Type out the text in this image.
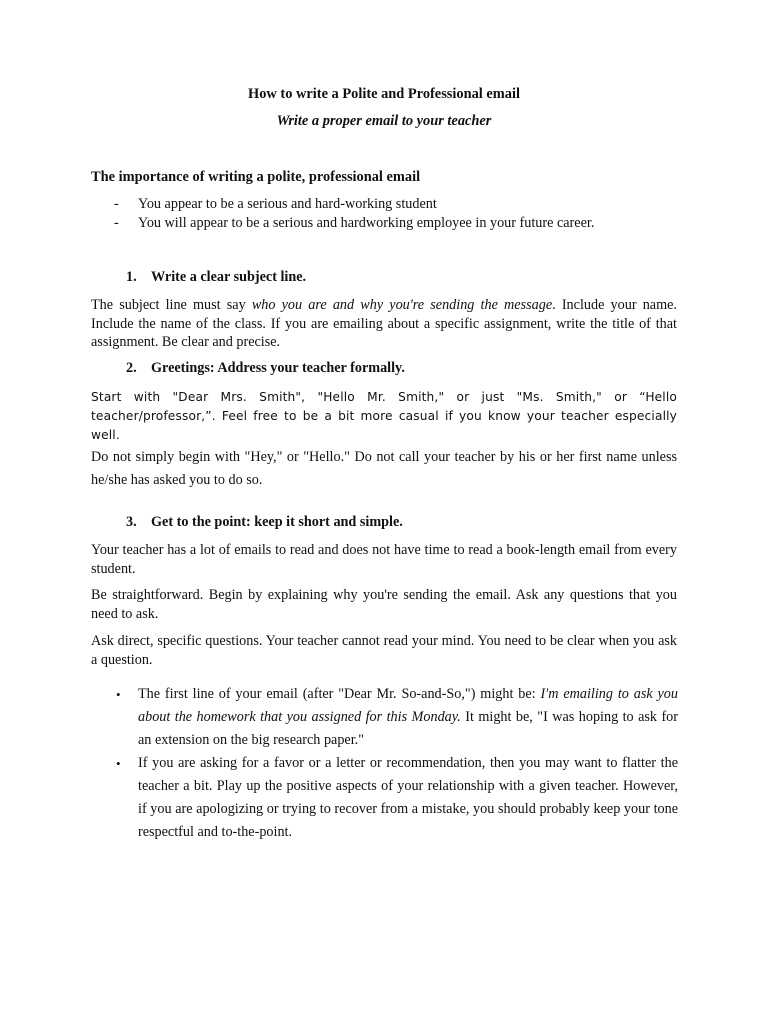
How to write a Polite and Professional email
Write a proper email to your teacher
The importance of writing a polite, professional email
- You appear to be a serious and hard-working student
- You will appear to be a serious and hardworking employee in your future career.
1. Write a clear subject line.
The subject line must say who you are and why you're sending the message. Include your name. Include the name of the class. If you are emailing about a specific assignment, write the title of that assignment. Be clear and precise.
2. Greetings: Address your teacher formally.
Start with "Dear Mrs. Smith", "Hello Mr. Smith," or just "Ms. Smith," or “Hello teacher/professor,”. Feel free to be a bit more casual if you know your teacher especially well.
Do not simply begin with "Hey," or "Hello." Do not call your teacher by his or her first name unless he/she has asked you to do so.
3. Get to the point: keep it short and simple.
Your teacher has a lot of emails to read and does not have time to read a book-length email from every student.
Be straightforward. Begin by explaining why you're sending the email. Ask any questions that you need to ask.
Ask direct, specific questions. Your teacher cannot read your mind. You need to be clear when you ask a question.
• The first line of your email (after "Dear Mr. So-and-So,") might be: I'm emailing to ask you about the homework that you assigned for this Monday. It might be, "I was hoping to ask for an extension on the big research paper."
• If you are asking for a favor or a letter or recommendation, then you may want to flatter the teacher a bit. Play up the positive aspects of your relationship with a given teacher. However, if you are apologizing or trying to recover from a mistake, you should probably keep your tone respectful and to-the-point.
